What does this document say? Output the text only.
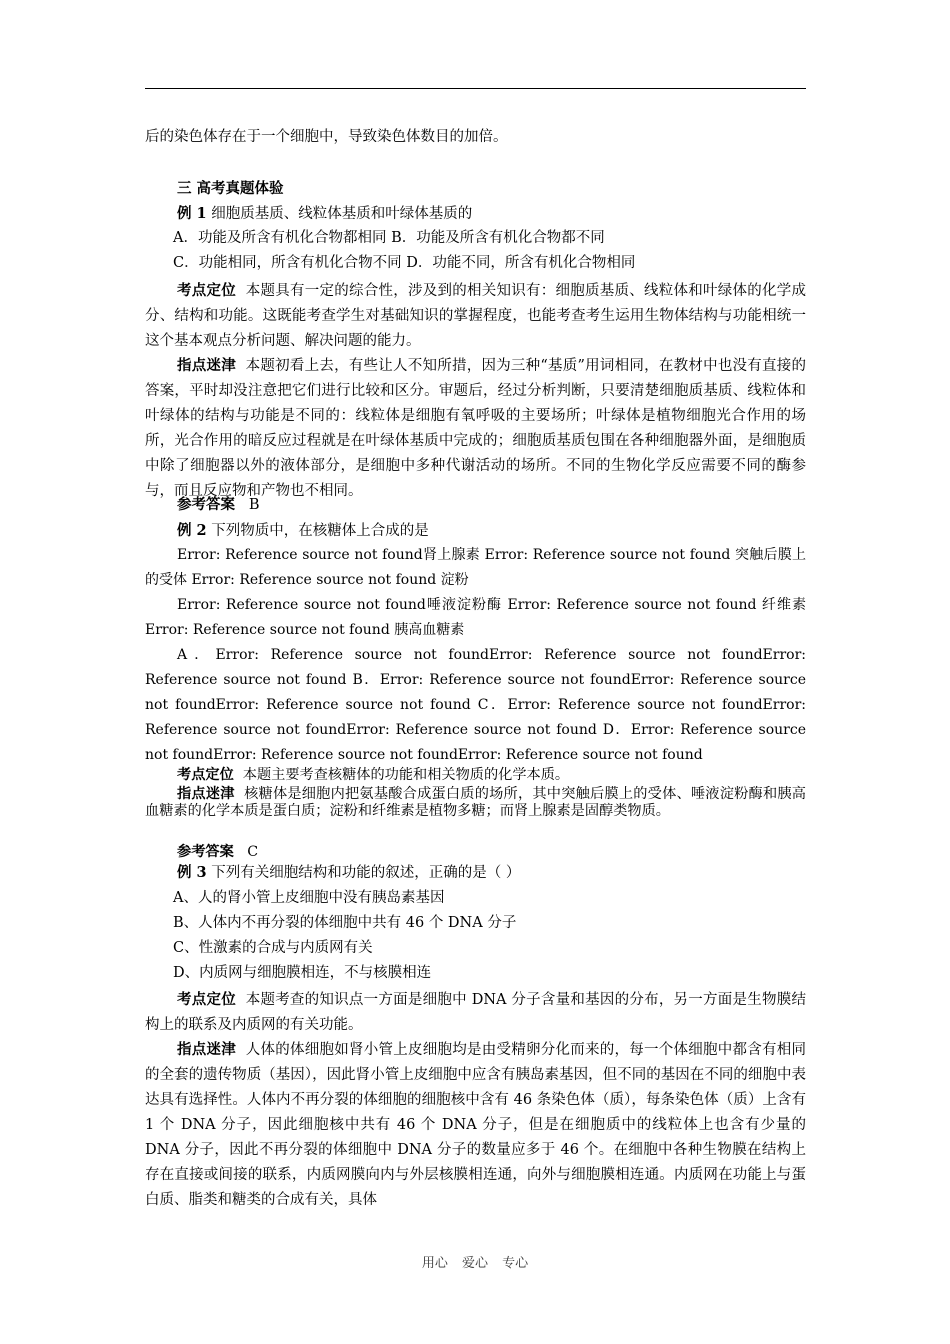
后的染色体存在于一个细胞中，导致染色体数目的加倍。

三 高考真题体验

例 1 细胞质基质、线粒体基质和叶绿体基质的

A．功能及所含有机化合物都相同 B．功能及所含有机化合物都不同

C．功能相同，所含有机化合物不同 D．功能不同，所含有机化合物相同

考点定位 本题具有一定的综合性，涉及到的相关知识有：细胞质基质、线粒体和叶绿体的化学成分、结构和功能。这既能考查学生对基础知识的掌握程度，也能考查考生运用生物体结构与功能相统一这个基本观点分析问题、解决问题的能力。

指点迷津 本题初看上去，有些让人不知所措，因为三种“基质”用词相同，在教材中也没有直接的答案，平时却没注意把它们进行比较和区分。审题后，经过分析判断，只要清楚细胞质基质、线粒体和叶绿体的结构与功能是不同的：线粒体是细胞有氧呼吸的主要场所；叶绿体是植物细胞光合作用的场所，光合作用的暗反应过程就是在叶绿体基质中完成的；细胞质基质包围在各种细胞器外面，是细胞质中除了细胞器以外的液体部分，是细胞中多种代谢活动的场所。不同的生物化学反应需要不同的酶参与，而且反应物和产物也不相同。

参考答案 B

例 2 下列物质中，在核糖体上合成的是

Error: Reference source not found肾上腺素 Error: Reference source not found 突触后膜上的受体 Error: Reference source not found 淀粉

Error: Reference source not found唾液淀粉酶 Error: Reference source not found 纤维素 Error: Reference source not found 胰高血糖素

A．Error: Reference source not foundError: Reference source not foundError: Reference source not found B．Error: Reference source not foundError: Reference source not foundError: Reference source not found C．Error: Reference source not foundError: Reference source not foundError: Reference source not found D．Error: Reference source not foundError: Reference source not foundError: Reference source not found

考点定位 本题主要考查核糖体的功能和相关物质的化学本质。

指点迷津 核糖体是细胞内把氨基酸合成蛋白质的场所，其中突触后膜上的受体、唾液淀粉酶和胰高血糖素的化学本质是蛋白质；淀粉和纤维素是植物多糖；而肾上腺素是固醇类物质。

参考答案 C

例 3 下列有关细胞结构和功能的叙述，正确的是（ ）

A、人的肾小管上皮细胞中没有胰岛素基因

B、人体内不再分裂的体细胞中共有 46 个 DNA 分子

C、性激素的合成与内质网有关

D、内质网与细胞膜相连，不与核膜相连

考点定位 本题考查的知识点一方面是细胞中 DNA 分子含量和基因的分布，另一方面是生物膜结构上的联系及内质网的有关功能。

指点迷津 人体的体细胞如肾小管上皮细胞均是由受精卵分化而来的，每一个体细胞中都含有相同的全套的遗传物质（基因），因此肾小管上皮细胞中应含有胰岛素基因，但不同的基因在不同的细胞中表达具有选择性。人体内不再分裂的体细胞的细胞核中含有 46 条染色体（质），每条染色体（质）上含有 1 个 DNA 分子，因此细胞核中共有 46 个 DNA 分子，但是在细胞质中的线粒体上也含有少量的 DNA 分子，因此不再分裂的体细胞中 DNA 分子的数量应多于 46 个。在细胞中各种生物膜在结构上存在直接或间接的联系，内质网膜向内与外层核膜相连通，向外与细胞膜相连通。内质网在功能上与蛋白质、脂类和糖类的合成有关，具体

用心 爱心 专心
